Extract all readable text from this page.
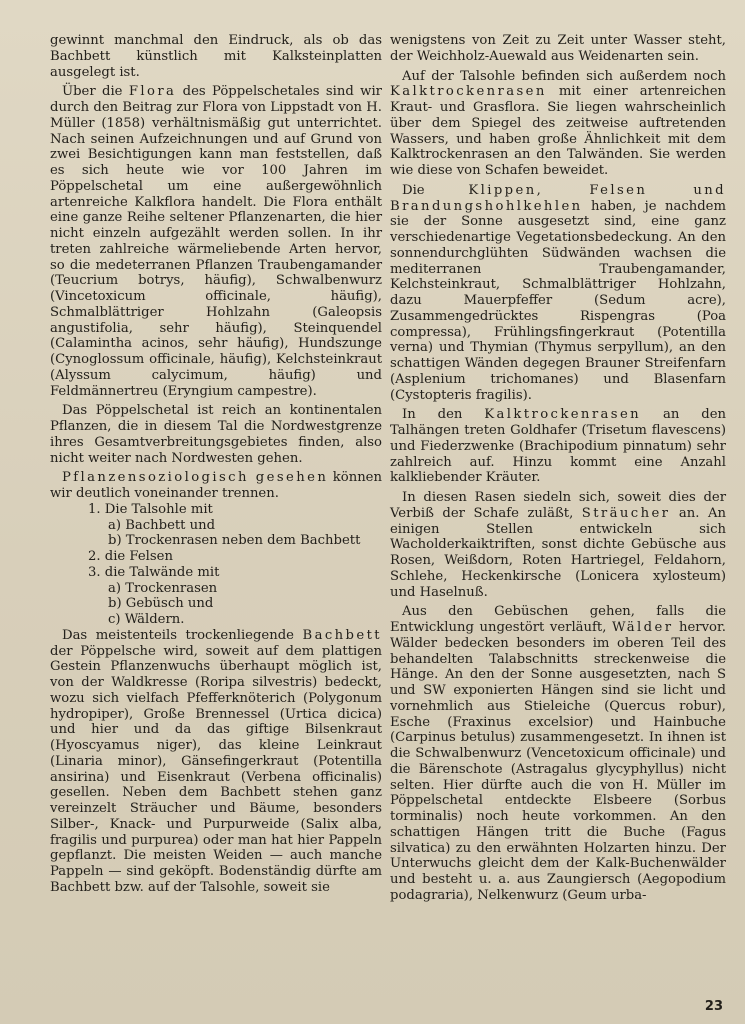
gewinnt manchmal den Eindruck, als ob das Bachbett künstlich mit Kalksteinplatten ausgelegt ist.

Über die Flora des Pöppelschetales sind wir durch den Beitrag zur Flora von Lippstadt von H. Müller (1858) verhältnismäßig gut unterrichtet. Nach seinen Aufzeichnungen und auf Grund von zwei Besichtigungen kann man feststellen, daß es sich heute wie vor 100 Jahren im Pöppelschetal um eine außergewöhnlich artenreiche Kalkflora handelt. Die Flora enthält eine ganze Reihe seltener Pflanzenarten, die hier nicht einzeln aufgezählt werden sollen. In ihr treten zahlreiche wärmeliebende Arten hervor, so die medeterranen Pflanzen Traubengamander (Teucrium botrys, häufig), Schwalbenwurz (Vincetoxicum officinale, häufig), Schmalblättriger Hohlzahn (Galeopsis angustifolia, sehr häufig), Steinquendel (Calamintha acinos, sehr häufig), Hundszunge (Cynoglossum officinale, häufig), Kelchsteinkraut (Alyssum calycimum, häufig) und Feldmännertreu (Eryngium campestre).

Das Pöppelschetal ist reich an kontinentalen Pflanzen, die in diesem Tal die Nordwestgrenze ihres Gesamtverbreitungsgebietes finden, also nicht weiter nach Nordwesten gehen.

Pflanzensoziologisch gesehen können wir deutlich voneinander trennen.

1. Die Talsohle mit
a) Bachbett und
b) Trockenrasen neben dem Bachbett
2. die Felsen
3. die Talwände mit
a) Trockenrasen
b) Gebüsch und
c) Wäldern.

Das meistenteils trockenliegende Bachbett der Pöppelsche wird, soweit auf dem plattigen Gestein Pflanzenwuchs überhaupt möglich ist, von der Waldkresse (Roripa silvestris) bedeckt, wozu sich vielfach Pfefferknöterich (Polygonum hydropiper), Große Brennessel (Urtica dicica) und hier und da das giftige Bilsenkraut (Hyoscyamus niger), das kleine Leinkraut (Linaria minor), Gänsefingerkraut (Potentilla ansirina) und Eisenkraut (Verbena officinalis) gesellen. Neben dem Bachbett stehen ganz vereinzelt Sträucher und Bäume, besonders Silber-, Knack- und Purpurweide (Salix alba, fragilis und purpurea) oder man hat hier Pappeln gepflanzt. Die meisten Weiden — auch manche Pappeln — sind geköpft. Bodenständig dürfte am Bachbett bzw. auf der Talsohle, soweit sie

wenigstens von Zeit zu Zeit unter Wasser steht, der Weichholz-Auewald aus Weidenarten sein.

Auf der Talsohle befinden sich außerdem noch Kalktrockenrasen mit einer artenreichen Kraut- und Grasflora. Sie liegen wahrscheinlich über dem Spiegel des zeitweise auftretenden Wassers, und haben große Ähnlichkeit mit dem Kalktrockenrasen an den Talwänden. Sie werden wie diese von Schafen beweidet.

Die Klippen, Felsen und Brandungshohlkehlen haben, je nachdem sie der Sonne ausgesetzt sind, eine ganz verschiedenartige Vegetationsbedeckung. An den sonnendurchglühten Südwänden wachsen die mediterranen Traubengamander, Kelchsteinkraut, Schmalblättriger Hohlzahn, dazu Mauerpfeffer (Sedum acre), Zusammengedrücktes Rispengras (Poa compressa), Frühlingsfingerkraut (Potentilla verna) und Thymian (Thymus serpyllum), an den schattigen Wänden degegen Brauner Streifenfarn (Asplenium trichomanes) und Blasenfarn (Cystopteris fragilis).

In den Kalktrockenrasen an den Talhängen treten Goldhafer (Trisetum flavescens) und Fiederzwenke (Brachipodium pinnatum) sehr zahlreich auf. Hinzu kommt eine Anzahl kalkliebender Kräuter.

In diesen Rasen siedeln sich, soweit dies der Verbiß der Schafe zuläßt, Sträucher an. An einigen Stellen entwickeln sich Wacholderkaiktriften, sonst dichte Gebüsche aus Rosen, Weißdorn, Roten Hartriegel, Feldahorn, Schlehe, Heckenkirsche (Lonicera xylosteum) und Haselnuß.

Aus den Gebüschen gehen, falls die Entwicklung ungestört verläuft, Wälder hervor. Wälder bedecken besonders im oberen Teil des behandelten Talabschnitts streckenweise die Hänge. An den der Sonne ausgesetzten, nach S und SW exponierten Hängen sind sie licht und vornehmlich aus Stieleiche (Quercus robur), Esche (Fraxinus excelsior) und Hainbuche (Carpinus betulus) zusammengesetzt. In ihnen ist die Schwalbenwurz (Vencetoxicum officinale) und die Bärenschote (Astragalus glycyphyllus) nicht selten. Hier dürfte auch die von H. Müller im Pöppelschetal entdeckte Elsbeere (Sorbus torminalis) noch heute vorkommen. An den schattigen Hängen tritt die Buche (Fagus silvatica) zu den erwähnten Holzarten hinzu. Der Unterwuchs gleicht dem der Kalk-Buchenwälder und besteht u. a. aus Zaungiersch (Aegopodium podagraria), Nelkenwurz (Geum urba-

23
